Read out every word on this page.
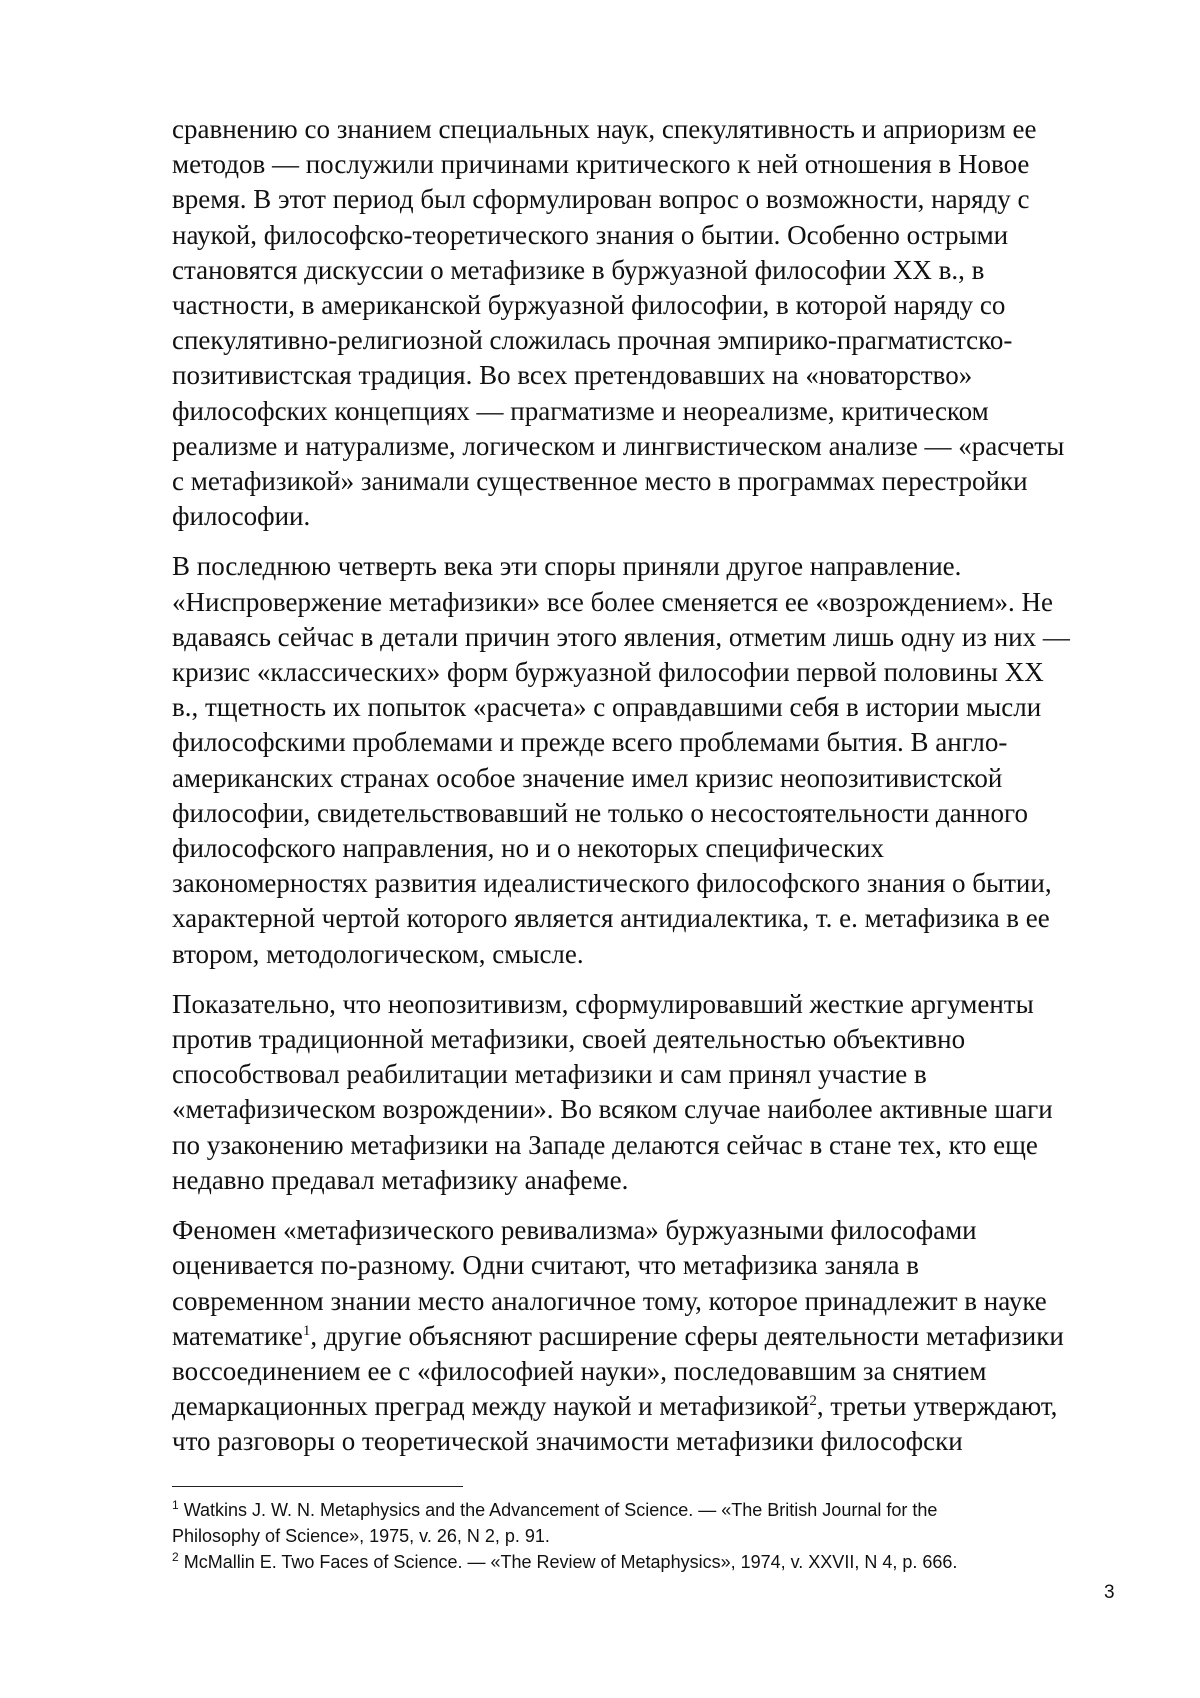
сравнению со знанием специальных наук, спекулятивность и априоризм ее
методов — послужили причинами критического к ней отношения в Новое
время. В этот период был сформулирован вопрос о возможности, наряду с
наукой, философско-теоретического знания о бытии. Особенно острыми
становятся дискуссии о метафизике в буржуазной философии XX в., в
частности, в американской буржуазной философии, в которой наряду со
спекулятивно-религиозной сложилась прочная эмпирико-прагматистско-
позитивистская традиция. Во всех претендовавших на «новаторство»
философских концепциях — прагматизме и неореализме, критическом
реализме и натурализме, логическом и лингвистическом анализе — «расчеты
с метафизикой» занимали существенное место в программах перестройки
философии.

В последнюю четверть века эти споры приняли другое направление.
«Ниспровержение метафизики» все более сменяется ее «возрождением». Не
вдаваясь сейчас в детали причин этого явления, отметим лишь одну из них —
кризис «классических» форм буржуазной философии первой половины XX
в., тщетность их попыток «расчета» с оправдавшими себя в истории мысли
философскими проблемами и прежде всего проблемами бытия. В англо-
американских странах особое значение имел кризис неопозитивистской
философии, свидетельствовавший не только о несостоятельности данного
философского направления, но и о некоторых специфических
закономерностях развития идеалистического философского знания о бытии,
характерной чертой которого является антидиалектика, т. е. метафизика в ее
втором, методологическом, смысле.

Показательно, что неопозитивизм, сформулировавший жесткие аргументы
против традиционной метафизики, своей деятельностью объективно
способствовал реабилитации метафизики и сам принял участие в
«метафизическом возрождении». Во всяком случае наиболее активные шаги
по узаконению метафизики на Западе делаются сейчас в стане тех, кто еще
недавно предавал метафизику анафеме.

Феномен «метафизического ревивализма» буржуазными философами
оценивается по-разному. Одни считают, что метафизика заняла в
современном знании место аналогичное тому, которое принадлежит в науке
математике$^1$, другие объясняют расширение сферы деятельности метафизики
воссоединением ее с «философией науки», последовавшим за снятием
демаркационных преград между наукой и метафизикой$^2$, третьи утверждают,
что разговоры о теоретической значимости метафизики философски

$^1$ Watkins J. W. N. Metaphysics and the Advancement of Science. — «The British Journal for the
Philosophy of Science», 1975, v. 26, N 2, p. 91.
$^2$ McMallin E. Two Faces of Science. — «The Review of Metaphysics», 1974, v. XXVII, N 4, p. 666.
3
